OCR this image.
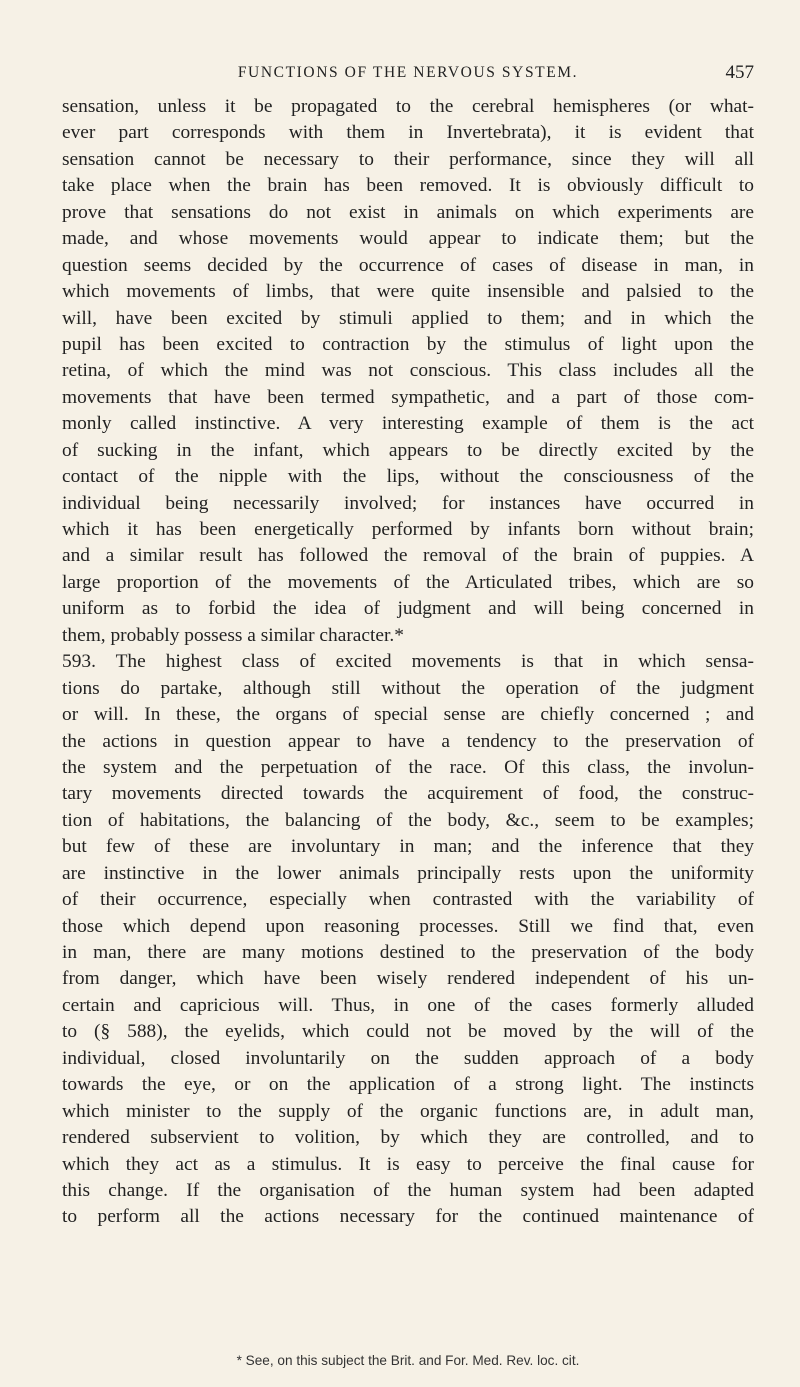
FUNCTIONS OF THE NERVOUS SYSTEM.	457
sensation, unless it be propagated to the cerebral hemispheres (or what-
ever part corresponds with them in Invertebrata), it is evident that
sensation cannot be necessary to their performance, since they will all
take place when the brain has been removed. It is obviously difficult to
prove that sensations do not exist in animals on which experiments are
made, and whose movements would appear to indicate them; but the
question seems decided by the occurrence of cases of disease in man, in
which movements of limbs, that were quite insensible and palsied to the
will, have been excited by stimuli applied to them; and in which the
pupil has been excited to contraction by the stimulus of light upon the
retina, of which the mind was not conscious. This class includes all the
movements that have been termed sympathetic, and a part of those com-
monly called instinctive. A very interesting example of them is the act
of sucking in the infant, which appears to be directly excited by the
contact of the nipple with the lips, without the consciousness of the
individual being necessarily involved; for instances have occurred in
which it has been energetically performed by infants born without brain;
and a similar result has followed the removal of the brain of puppies. A
large proportion of the movements of the Articulated tribes, which are so
uniform as to forbid the idea of judgment and will being concerned in
them, probably possess a similar character.*
593. The highest class of excited movements is that in which sensa-
tions do partake, although still without the operation of the judgment
or will. In these, the organs of special sense are chiefly concerned ; and
the actions in question appear to have a tendency to the preservation of
the system and the perpetuation of the race. Of this class, the involun-
tary movements directed towards the acquirement of food, the construc-
tion of habitations, the balancing of the body, &c., seem to be examples;
but few of these are involuntary in man; and the inference that they
are instinctive in the lower animals principally rests upon the uniformity
of their occurrence, especially when contrasted with the variability of
those which depend upon reasoning processes. Still we find that, even
in man, there are many motions destined to the preservation of the body
from danger, which have been wisely rendered independent of his un-
certain and capricious will. Thus, in one of the cases formerly alluded
to (§ 588), the eyelids, which could not be moved by the will of the
individual, closed involuntarily on the sudden approach of a body
towards the eye, or on the application of a strong light. The instincts
which minister to the supply of the organic functions are, in adult man,
rendered subservient to volition, by which they are controlled, and to
which they act as a stimulus. It is easy to perceive the final cause for
this change. If the organisation of the human system had been adapted
to perform all the actions necessary for the continued maintenance of
* See, on this subject the Brit. and For. Med. Rev. loc. cit.
